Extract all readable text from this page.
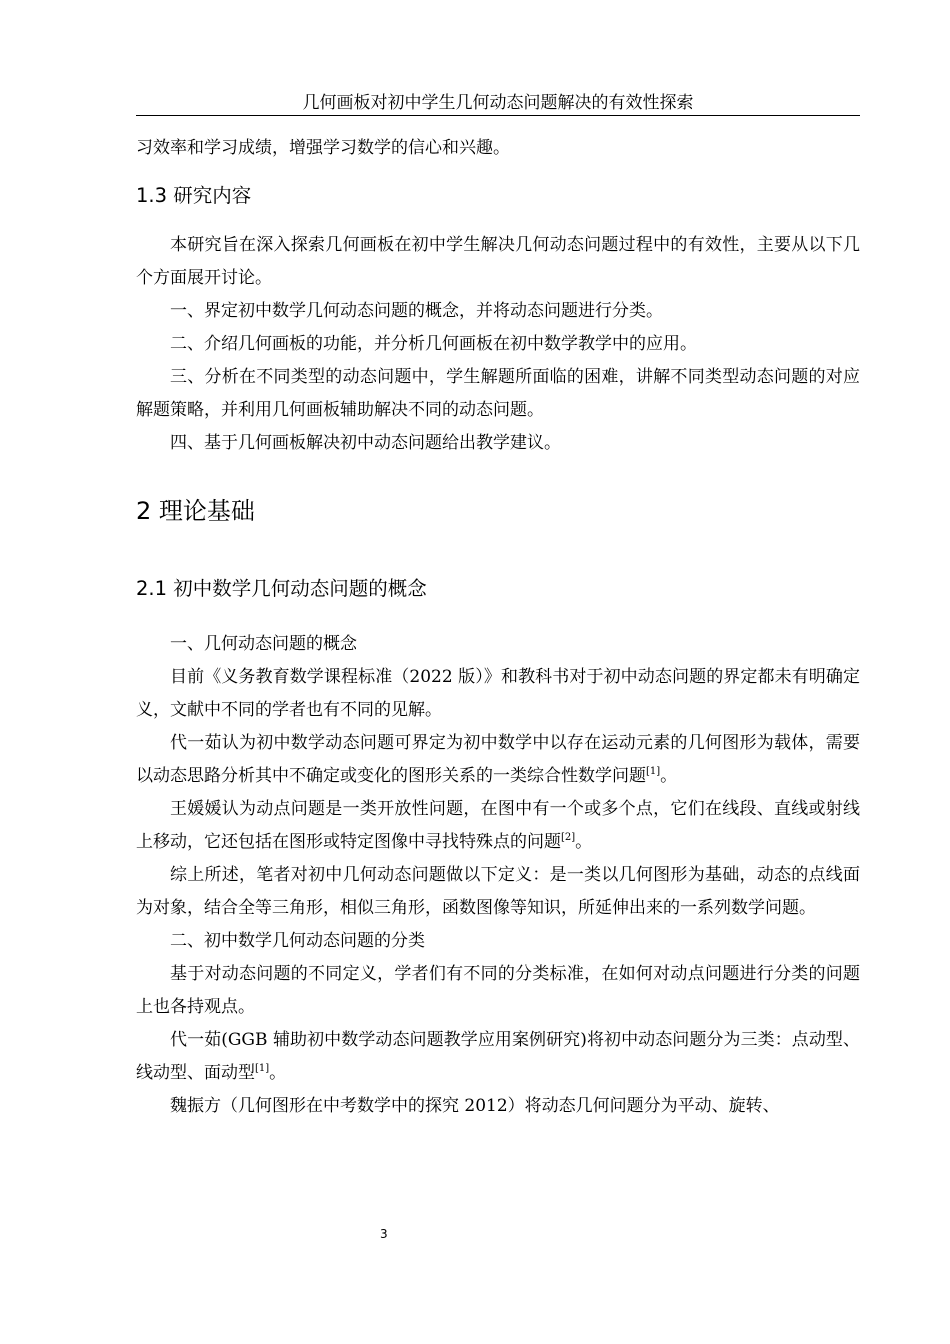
几何画板对初中学生几何动态问题解决的有效性探索

习效率和学习成绩，增强学习数学的信心和兴趣。

1.3 研究内容

本研究旨在深入探索几何画板在初中学生解决几何动态问题过程中的有效性，主要从以下几个方面展开讨论。

一、界定初中数学几何动态问题的概念，并将动态问题进行分类。

二、介绍几何画板的功能，并分析几何画板在初中数学教学中的应用。

三、分析在不同类型的动态问题中，学生解题所面临的困难，讲解不同类型动态问题的对应解题策略，并利用几何画板辅助解决不同的动态问题。

四、基于几何画板解决初中动态问题给出教学建议。

2 理论基础
2.1 初中数学几何动态问题的概念

一、几何动态问题的概念

目前《义务教育数学课程标准（2022 版）》和教科书对于初中动态问题的界定都未有明确定义，文献中不同的学者也有不同的见解。

代一茹认为初中数学动态问题可界定为初中数学中以存在运动元素的几何图形为载体，需要以动态思路分析其中不确定或变化的图形关系的一类综合性数学问题[1]。

王媛媛认为动点问题是一类开放性问题，在图中有一个或多个点，它们在线段、直线或射线上移动，它还包括在图形或特定图像中寻找特殊点的问题[2]。

综上所述，笔者对初中几何动态问题做以下定义：是一类以几何图形为基础，动态的点线面为对象，结合全等三角形，相似三角形，函数图像等知识，所延伸出来的一系列数学问题。

二、初中数学几何动态问题的分类

基于对动态问题的不同定义，学者们有不同的分类标准，在如何对动点问题进行分类的问题上也各持观点。

代一茹(GGB 辅助初中数学动态问题教学应用案例研究)将初中动态问题分为三类：点动型、线动型、面动型[1]。

魏振方（几何图形在中考数学中的探究 2012）将动态几何问题分为平动、旋转、

3
